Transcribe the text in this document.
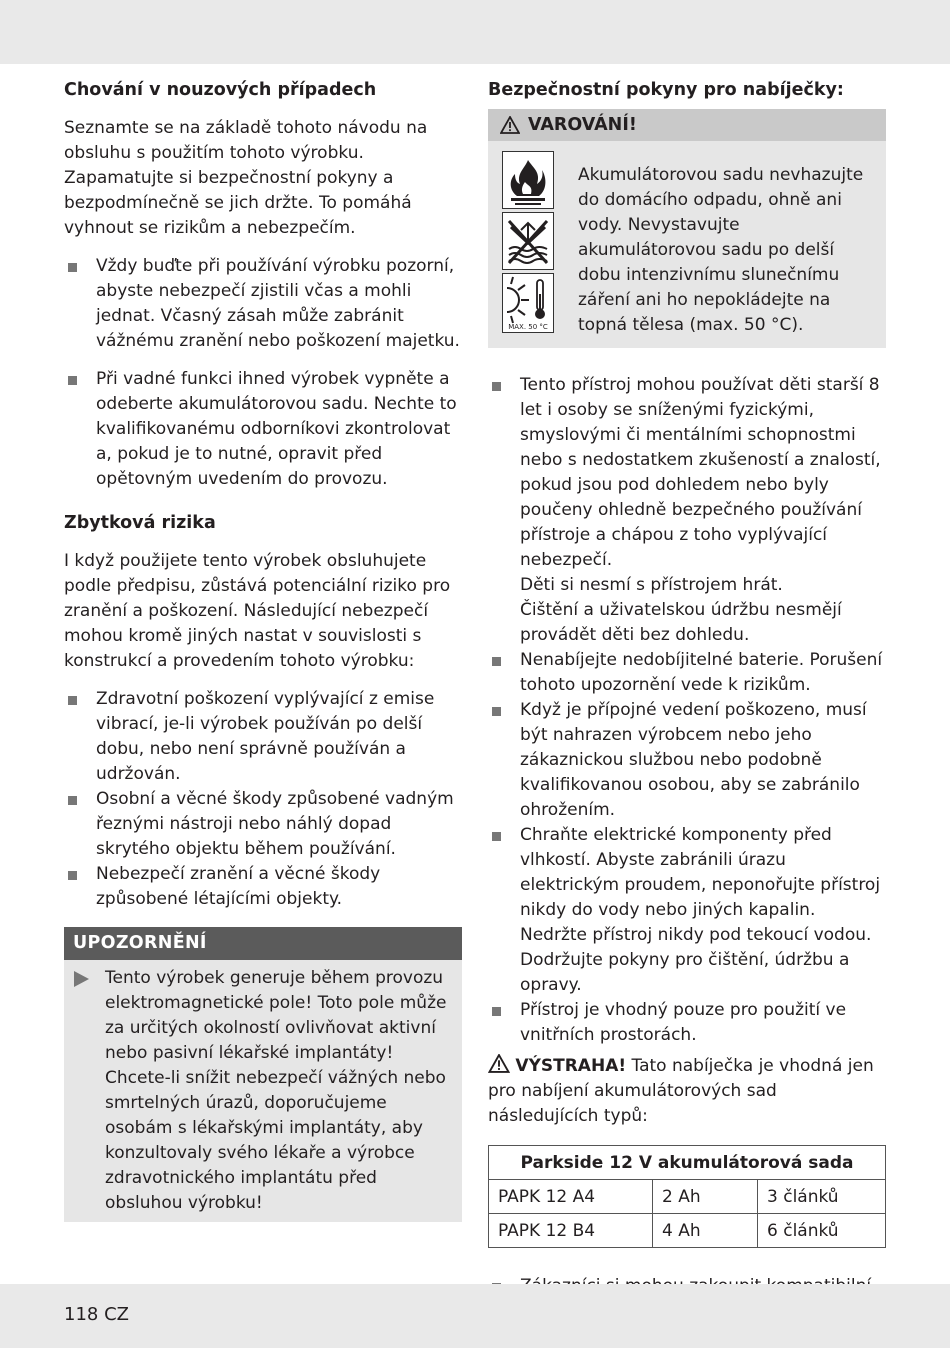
Chování v nouzových případech

Seznamte se na základě tohoto návodu na obsluhu s použitím tohoto výrobku. Zapamatujte si bezpečnostní pokyny a bezpodmínečně se jich držte. To pomáhá vyhnout se rizikům a nebezpečím.

Vždy buďte při používání výrobku pozorní, abyste nebezpečí zjistili včas a mohli jednat. Včasný zásah může zabránit vážnému zranění nebo poškození majetku.
Při vadné funkci ihned výrobek vypněte a odeberte akumulátorovou sadu. Nechte to kvalifikovanému odborníkovi zkontrolovat a, pokud je to nutné, opravit před opětovným uvedením do provozu.
Zbytková rizika

I když použijete tento výrobek obsluhujete podle předpisu, zůstává potenciální riziko pro zranění a poškození. Následující nebezpečí mohou kromě jiných nastat v souvislosti s konstrukcí a provedením tohoto výrobku:

Zdravotní poškození vyplývající z emise vibrací, je-li výrobek používán po delší dobu, nebo není správně používán a udržován.
Osobní a věcné škody způsobené vadným řeznými nástroji nebo náhlý dopad skrytého objektu během používání.
Nebezpečí zranění a věcné škody způsobené létajícími objekty.
UPOZORNĚNÍ

Tento výrobek generuje během provozu elektromagnetické pole! Toto pole může za určitých okolností ovlivňovat aktivní nebo pasivní lékařské implantáty! Chcete-li snížit nebezpečí vážných nebo smrtelných úrazů, doporučujeme osobám s lékařskými implantáty, aby konzultovaly svého lékaře a výrobce zdravotnického implantátu před obsluhou výrobku!

Bezpečnostní pokyny pro nabíječky:
VAROVÁNÍ!
MAX. 50 °C

Akumulátorovou sadu nevhazujte do domácího odpadu, ohně ani vody. Nevystavujte akumulátorovou sadu po delší dobu intenzivnímu slunečnímu záření ani ho nepokládejte na topná tělesa (max. 50 °C).

Tento přístroj mohou používat děti starší 8 let i osoby se sníženými fyzickými, smyslovými či mentálními schopnostmi nebo s nedostatkem zkušeností a znalostí, pokud jsou pod dohledem nebo byly poučeny ohledně bezpečného používání přístroje a chápou z toho vyplývající nebezpečí.
Děti si nesmí s přístrojem hrát.
Čištění a uživatelskou údržbu nesmějí provádět děti bez dohledu.
Nenabíjejte nedobíjitelné baterie. Porušení tohoto upozornění vede k rizikům.
Když je přípojné vedení poškozeno, musí být nahrazen výrobcem nebo jeho zákaznickou službou nebo podobně kvalifikovanou osobou, aby se zabránilo ohrožením.
Chraňte elektrické komponenty před vlhkostí. Abyste zabránili úrazu elektrickým proudem, neponořujte přístroj nikdy do vody nebo jiných kapalin. Nedržte přístroj nikdy pod tekoucí vodou. Dodržujte pokyny pro čištění, údržbu a opravy.
Přístroj je vhodný pouze pro použití ve vnitřních prostorách.

VÝSTRAHA! Tato nabíječka je vhodná jen pro nabíjení akumulátorových sad následujících typů:

Parkside 12 V akumulátorová sada		
PAPK 12 A4	2 Ah	3 článků
PAPK 12 B4	4 Ah	6 článků
118 CZ
